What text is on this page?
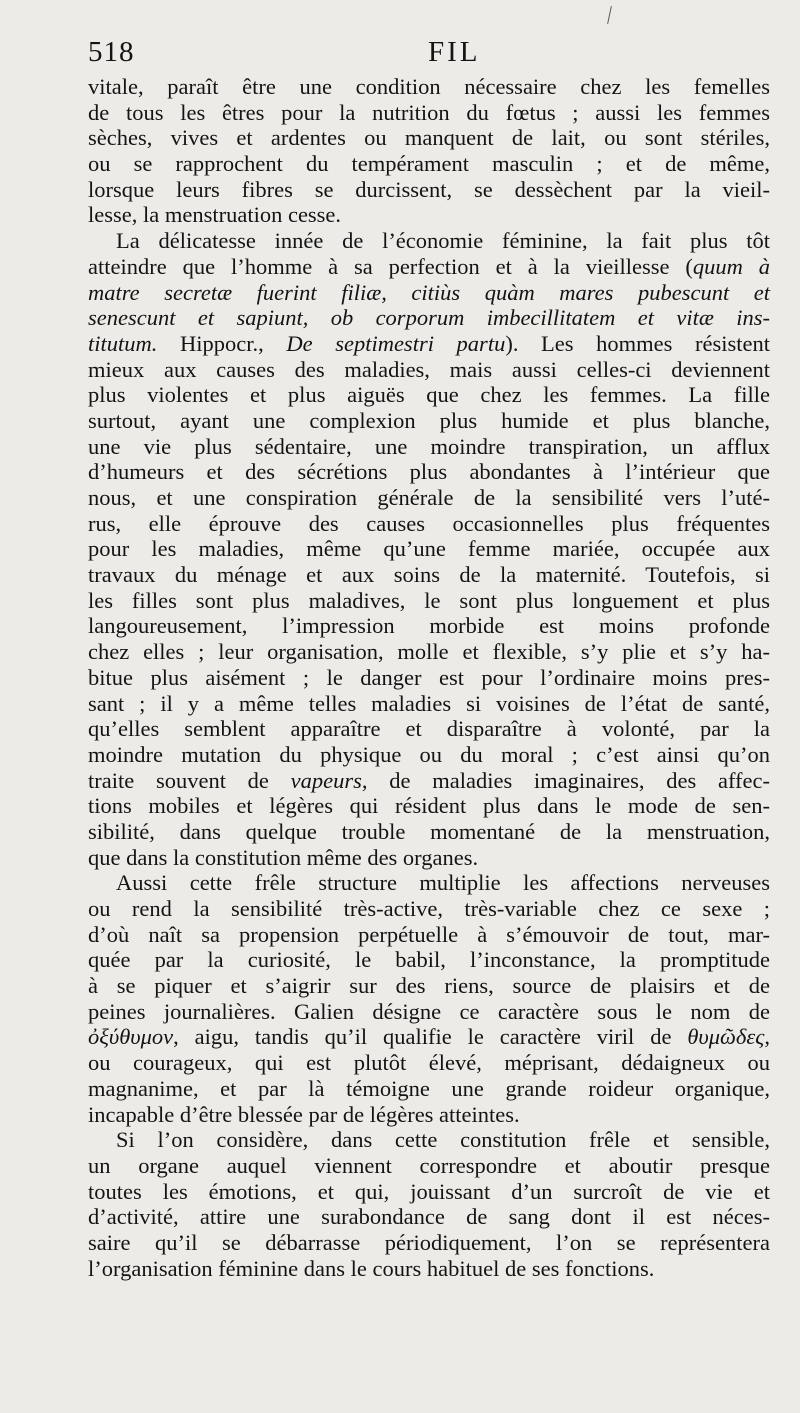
518	FIL
vitale, paraît être une condition nécessaire chez les femelles
de tous les êtres pour la nutrition du fœtus ; aussi les femmes
sèches, vives et ardentes ou manquent de lait, ou sont stériles,
ou se rapprochent du tempérament masculin ; et de même,
lorsque leurs fibres se durcissent, se dessèchent par la vieil-
lesse, la menstruation cesse.
La délicatesse innée de l’économie féminine, la fait plus tôt
atteindre que l’homme à sa perfection et à la vieillesse (quum à
matre secretæ fuerint filiæ, citiùs quàm mares pubescunt et
senescunt et sapiunt, ob corporum imbecillitatem et vitæ ins-
titutum. Hippocr., De septimestri partu). Les hommes résistent
mieux aux causes des maladies, mais aussi celles-ci deviennent
plus violentes et plus aiguës que chez les femmes. La fille
surtout, ayant une complexion plus humide et plus blanche,
une vie plus sédentaire, une moindre transpiration, un afflux
d’humeurs et des sécrétions plus abondantes à l’intérieur que
nous, et une conspiration générale de la sensibilité vers l’uté-
rus, elle éprouve des causes occasionnelles plus fréquentes
pour les maladies, même qu’une femme mariée, occupée aux
travaux du ménage et aux soins de la maternité. Toutefois, si
les filles sont plus maladives, le sont plus longuement et plus
langoureusement, l’impression morbide est moins profonde
chez elles ; leur organisation, molle et flexible, s’y plie et s’y ha-
bitue plus aisément ; le danger est pour l’ordinaire moins pres-
sant ; il y a même telles maladies si voisines de l’état de santé,
qu’elles semblent apparaître et disparaître à volonté, par la
moindre mutation du physique ou du moral ; c’est ainsi qu’on
traite souvent de vapeurs, de maladies imaginaires, des affec-
tions mobiles et légères qui résident plus dans le mode de sen-
sibilité, dans quelque trouble momentané de la menstruation,
que dans la constitution même des organes.
Aussi cette frêle structure multiplie les affections nerveuses
ou rend la sensibilité très-active, très-variable chez ce sexe ;
d’où naît sa propension perpétuelle à s’émouvoir de tout, mar-
quée par la curiosité, le babil, l’inconstance, la promptitude
à se piquer et s’aigrir sur des riens, source de plaisirs et de
peines journalières. Galien désigne ce caractère sous le nom de
ὀξύθυμον, aigu, tandis qu’il qualifie le caractère viril de θυμῶδες,
ou courageux, qui est plutôt élevé, méprisant, dédaigneux ou
magnanime, et par là témoigne une grande roideur organique,
incapable d’être blessée par de légères atteintes.
Si l’on considère, dans cette constitution frêle et sensible,
un organe auquel viennent correspondre et aboutir presque
toutes les émotions, et qui, jouissant d’un surcroît de vie et
d’activité, attire une surabondance de sang dont il est néces-
saire qu’il se débarrasse périodiquement, l’on se représentera
l’organisation féminine dans le cours habituel de ses fonctions.
